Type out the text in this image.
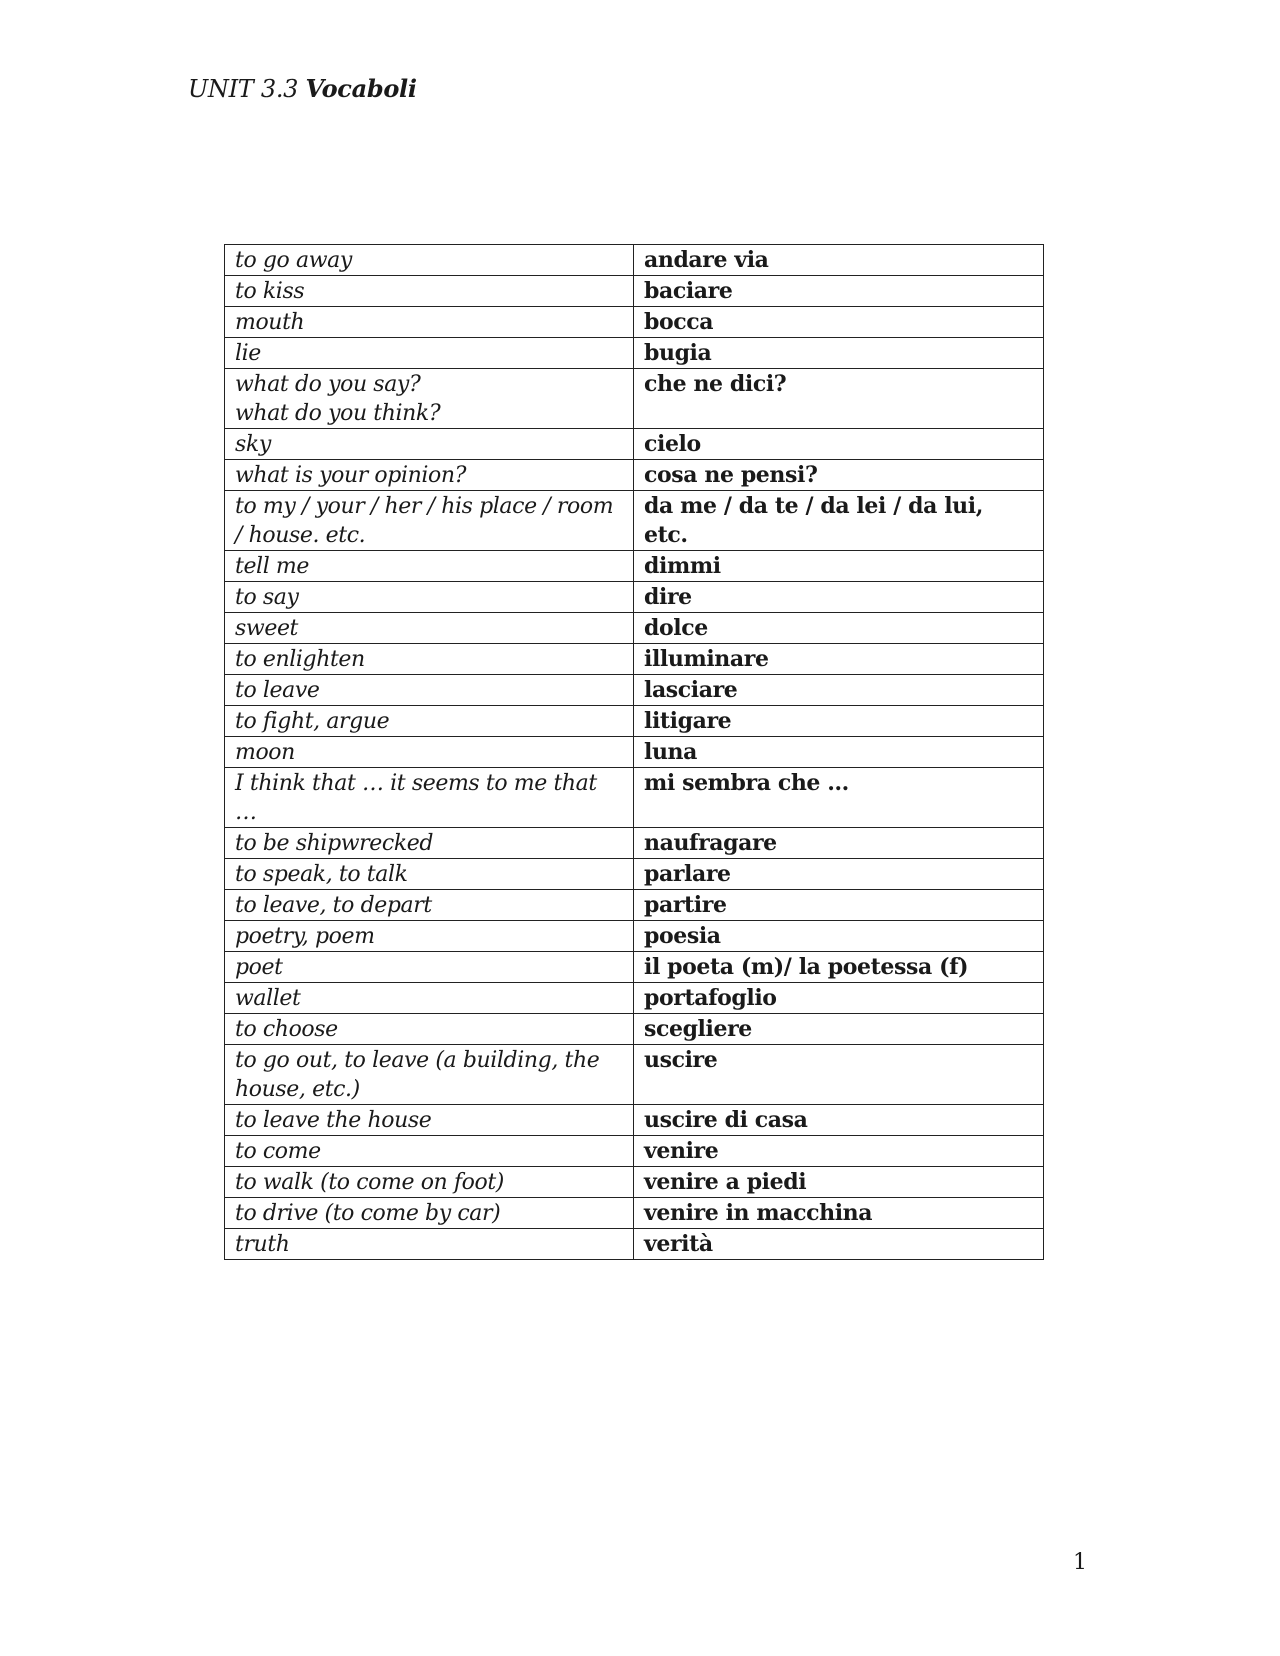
UNIT 3.3 Vocaboli
to go away	andare via
to kiss	baciare
mouth	bocca
lie	bugia
what do you say?
what do you think?	che ne dici?
sky	cielo
what is your opinion?	cosa ne pensi?
to my / your / her / his place / room / house. etc.	da me / da te / da lei / da lui, etc.
tell me	dimmi
to say	dire
sweet	dolce
to enlighten	illuminare
to leave	lasciare
to fight, argue	litigare
moon	luna
I think that … it seems to me that …	mi sembra che …
to be shipwrecked	naufragare
to speak, to talk	parlare
to leave, to depart	partire
poetry, poem	poesia
poet	il poeta (m)/ la poetessa (f)
wallet	portafoglio
to choose	scegliere
to go out, to leave (a building, the house, etc.)	uscire
to leave the house	uscire di casa
to come	venire
to walk (to come on foot)	venire a piedi
to drive (to come by car)	venire in macchina
truth	verità
1
